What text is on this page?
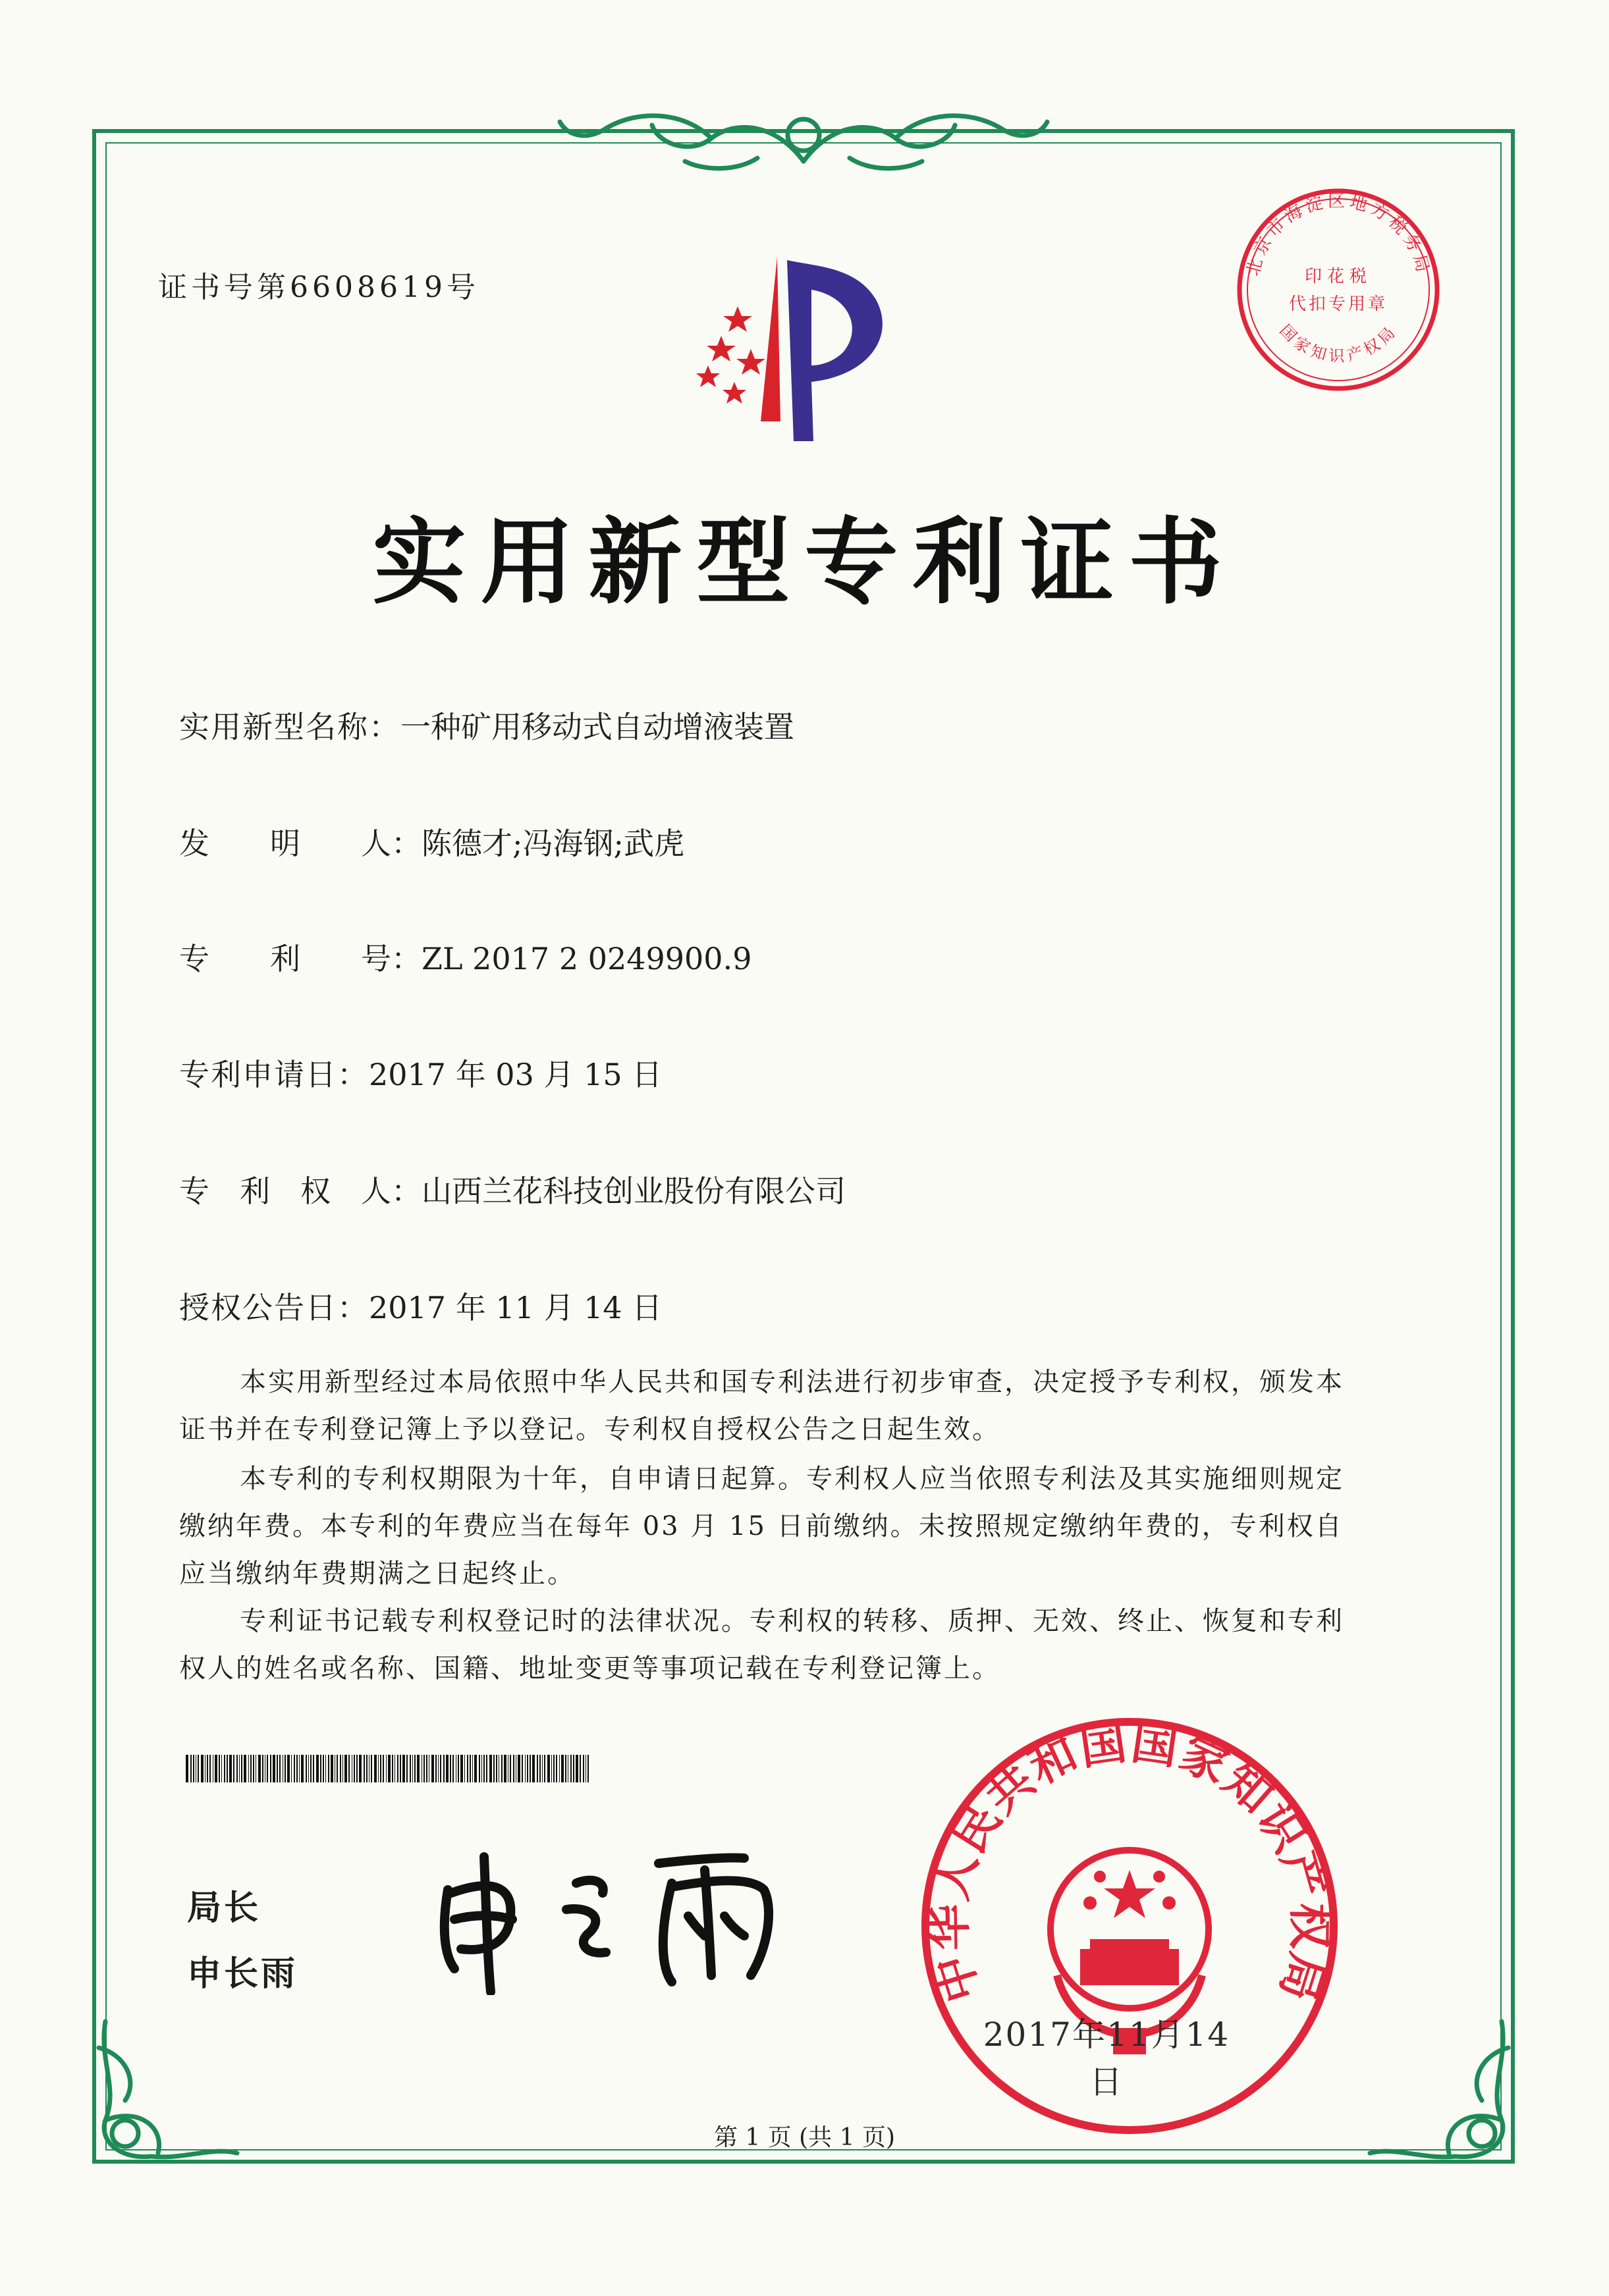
证书号第6608619号
北京市海淀区地方税务局
印花税
代扣专用章
国家知识产权局
实用新型专利证书
实用新型名称：一种矿用移动式自动增液装置
发　　明　　人：陈德才;冯海钢;武虎
专　　利　　号：ZL 2017 2 0249900.9
专利申请日：2017 年 03 月 15 日
专　利　权　人：山西兰花科技创业股份有限公司
授权公告日：2017 年 11 月 14 日
本实用新型经过本局依照中华人民共和国专利法进行初步审查，决定授予专利权，颁发本证书并在专利登记簿上予以登记。专利权自授权公告之日起生效。
本专利的专利权期限为十年，自申请日起算。专利权人应当依照专利法及其实施细则规定缴纳年费。本专利的年费应当在每年 03 月 15 日前缴纳。未按照规定缴纳年费的，专利权自应当缴纳年费期满之日起终止。
专利证书记载专利权登记时的法律状况。专利权的转移、质押、无效、终止、恢复和专利权人的姓名或名称、国籍、地址变更等事项记载在专利登记簿上。
局长
申长雨	中华人民共和国国家知识产权局
2017年11月14日
第 1 页 (共 1 页)
